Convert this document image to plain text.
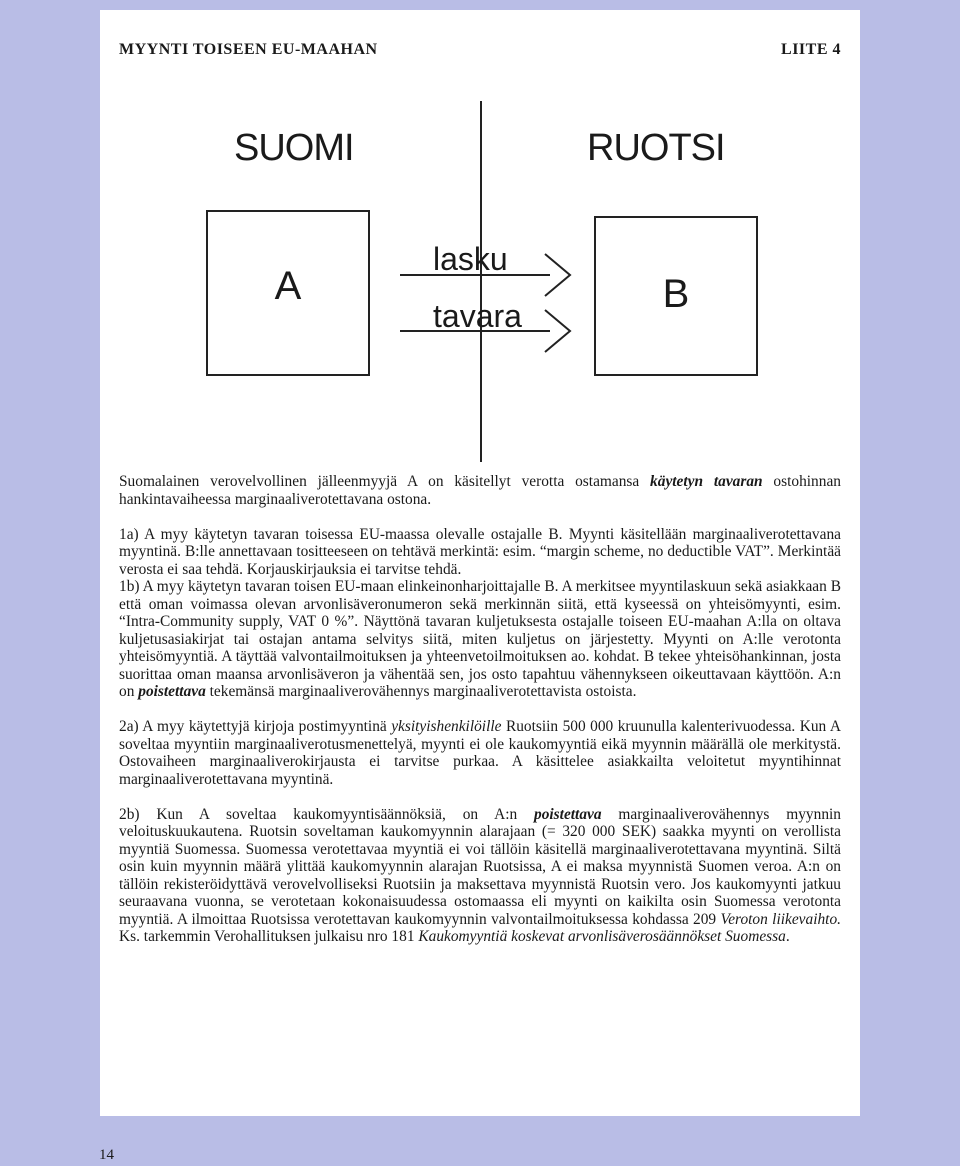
MYYNTI TOISEEN EU-MAAHAN	LIITE 4
SUOMI	RUOTSI
A	B
lasku
tavara

Suomalainen verovelvollinen jälleenmyyjä A on käsitellyt verotta ostamansa käytetyn tavaran ostohinnan hankintavaiheessa marginaaliverotettavana ostona.

1a) A myy käytetyn tavaran toisessa EU-maassa olevalle ostajalle B. Myynti käsitellään marginaaliverotettavana myyntinä. B:lle annettavaan tositteeseen on tehtävä merkintä: esim. “margin scheme, no deductible VAT”. Merkintää verosta ei saa tehdä. Korjauskirjauksia ei tarvitse tehdä.

1b) A myy käytetyn tavaran toisen EU-maan elinkeinonharjoittajalle B. A merkitsee myyntilaskuun sekä asiakkaan B että oman voimassa olevan arvonlisäveronumeron sekä merkinnän siitä, että kyseessä on yhteisömyynti, esim. “Intra-Community supply, VAT 0 %”. Näyttönä tavaran kuljetuksesta ostajalle toiseen EU-maahan A:lla on oltava kuljetusasiakirjat tai ostajan antama selvitys siitä, miten kuljetus on järjestetty. Myynti on A:lle verotonta yhteisömyyntiä. A täyttää valvontailmoituksen ja yhteenvetoilmoituksen ao. kohdat. B tekee yhteisöhankinnan, josta suorittaa oman maansa arvonlisäveron ja vähentää sen, jos osto tapahtuu vähennykseen oikeuttavaan käyttöön. A:n on poistettava tekemänsä marginaaliverovähennys marginaaliverotettavista ostoista.

2a) A myy käytettyjä kirjoja postimyyntinä yksityishenkilöille Ruotsiin 500 000 kruunulla kalenterivuodessa. Kun A soveltaa myyntiin marginaaliverotusmenettelyä, myynti ei ole kaukomyyntiä eikä myynnin määrällä ole merkitystä. Ostovaiheen marginaaliverokirjausta ei tarvitse purkaa. A käsittelee asiakkailta veloitetut myyntihinnat marginaaliverotettavana myyntinä.

2b) Kun A soveltaa kaukomyyntisäännöksiä, on A:n poistettava marginaaliverovähennys myynnin veloituskuukautena. Ruotsin soveltaman kaukomyynnin alarajaan (= 320 000 SEK) saakka myynti on verollista myyntiä Suomessa. Suomessa verotettavaa myyntiä ei voi tällöin käsitellä marginaaliverotettavana myyntinä. Siltä osin kuin myynnin määrä ylittää kaukomyynnin alarajan Ruotsissa, A ei maksa myynnistä Suomen veroa. A:n on tällöin rekisteröidyttävä verovelvolliseksi Ruotsiin ja maksettava myynnistä Ruotsin vero. Jos kaukomyynti jatkuu seuraavana vuonna, se verotetaan kokonaisuudessa ostomaassa eli myynti on kaikilta osin Suomessa verotonta myyntiä. A ilmoittaa Ruotsissa verotettavan kaukomyynnin valvontailmoituksessa kohdassa 209 Veroton liikevaihto. Ks. tarkemmin Verohallituksen julkaisu nro 181 Kaukomyyntiä koskevat arvonlisäverosäännökset Suomessa.

14
